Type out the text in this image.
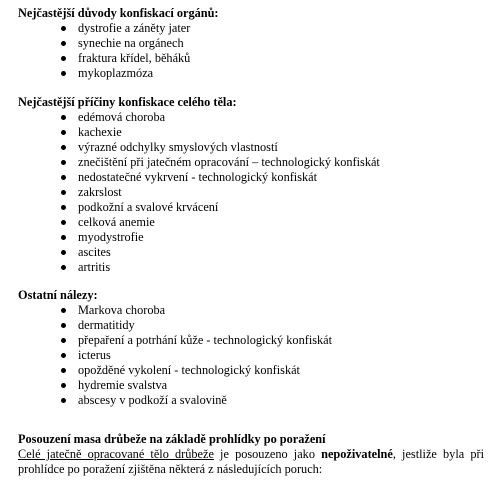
Nejčastější důvody konfiskací orgánů:
dystrofie a záněty jater
synechie na orgánech
fraktura křídel, běháků
mykoplazmóza
Nejčastější příčiny konfiskace celého těla:
edémová choroba
kachexie
výrazné odchylky smyslových vlastností
znečištění při jatečném opracování – technologický konfiskát
nedostatečné vykrvení - technologický konfiskát
zakrslost
podkožní a svalové krvácení
celková anemie
myodystrofie
ascites
artritis
Ostatní nálezy:
Markova choroba
dermatitidy
přepaření a potrhání kůže - technologický konfiskát
icterus
opožděné vykolení - technologický konfiskát
hydremie svalstva
abscesy v podkoží a svalovině
Posouzení masa drůbeže na základě prohlídky po poražení

Celé jatečně opracované tělo drůbeže je posouzeno jako nepoživatelné, jestliže byla při prohlídce po poražení zjištěna některá z následujících poruch:
